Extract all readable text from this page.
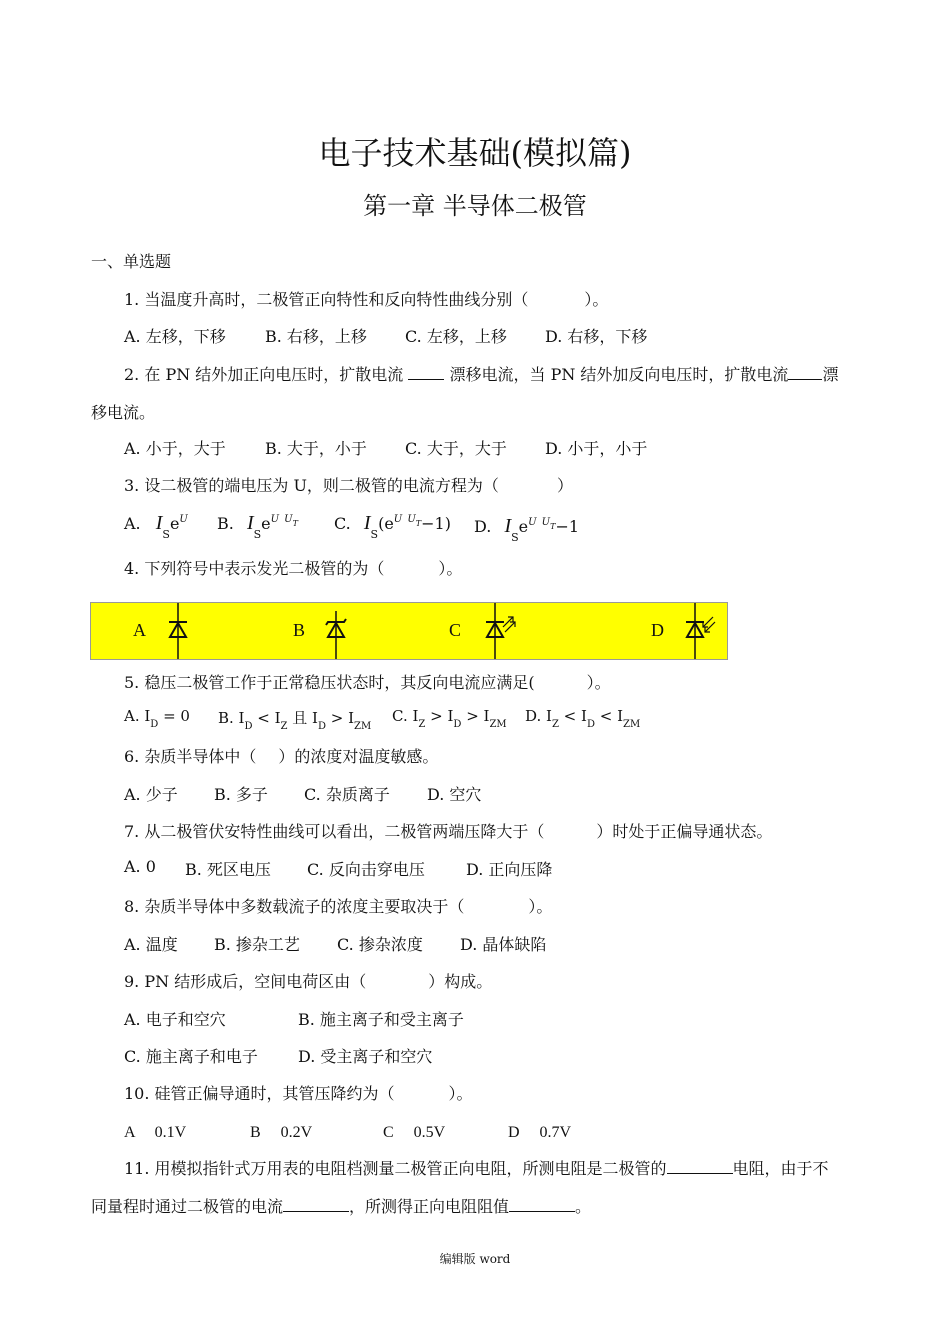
电子技术基础(模拟篇)
第一章 半导体二极管
一、单选题
1. 当温度升高时，二极管正向特性和反向特性曲线分别（	）。
A. 左移，下移 B. 右移，上移 C. 左移，上移 D. 右移，下移
2. 在 PN 结外加正向电压时，扩散电流	漂移电流，当 PN 结外加反向电压时，扩散电流 漂
移电流。
A. 小于，大于 B. 大于，小于 C. 大于，大于 D. 小于，小于
3. 设二极管的端电压为 U，则二极管的电流方程为（	）
A. $I_Se^U$ B. $I_Se^U$ $^U$T C. $I_S(e^U$ $^U$T−1) D. $I_Se^U$ $^U$T−1
4. 下列符号中表示发光二极管的为（	）。
A	B	C	D
5. 稳压二极管工作于正常稳压状态时，其反向电流应满足(	）。
A. $I_D = 0$ B. $I_D < I_Z$ 且 $I_D > I_{ZM}$
C. $I_Z > I_D > I_{ZM}$ D. $I_Z < I_D < I_{ZM}$
6. 杂质半导体中（ ）的浓度对温度敏感。
A. 少子 B. 多子 C. 杂质离子 D. 空穴
7. 从二极管伏安特性曲线可以看出，二极管两端压降大于（	）时处于正偏导通状态。
A. 0 B. 死区电压 C. 反向击穿电压	D. 正向压降
8. 杂质半导体中多数载流子的浓度主要取决于（	）。
A. 温度 B. 掺杂工艺 C. 掺杂浓度 D. 晶体缺陷
9. PN 结形成后，空间电荷区由（	）构成。
A. 电子和空穴	B. 施主离子和受主离子
C. 施主离子和电子	D. 受主离子和空穴
10. 硅管正偏导通时，其管压降约为（	）。
A　 0.1V	B　 0.2V	C　 0.5V	D　 0.7V
11. 用模拟指针式万用表的电阻档测量二极管正向电阻，所测电阻是二极管的	电阻，由于不
同量程时通过二极管的电流	，所测得正向电阻阻值	。
编辑版 word
